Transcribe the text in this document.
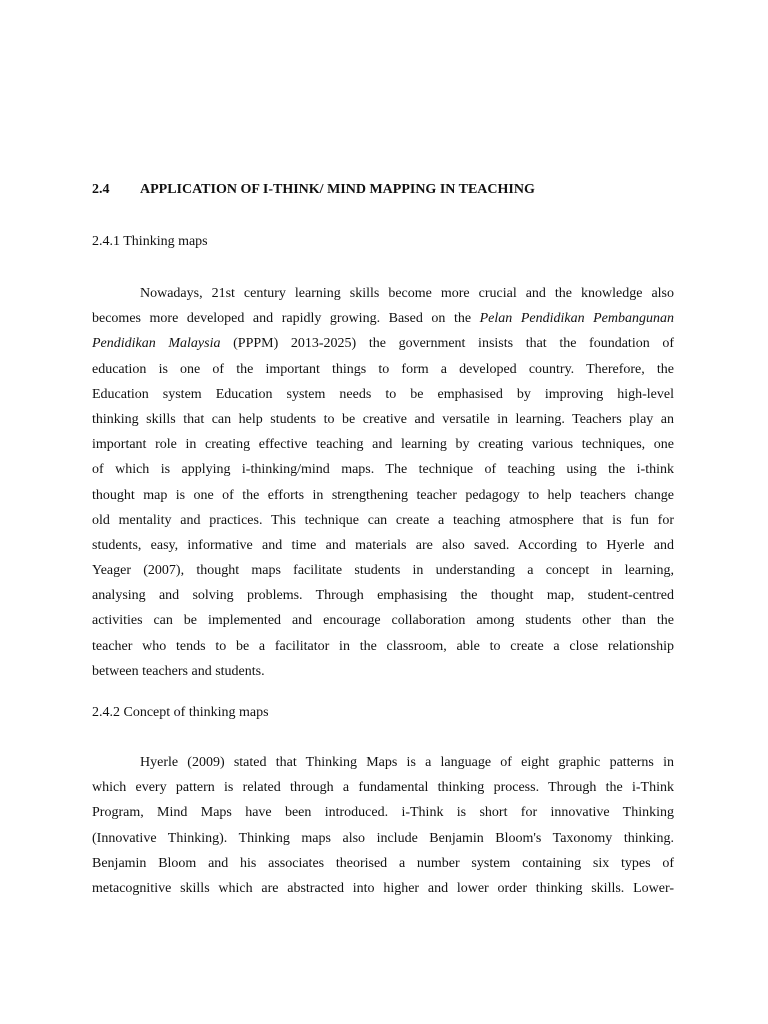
2.4 APPLICATION OF I-THINK/ MIND MAPPING IN TEACHING
2.4.1 Thinking maps
Nowadays, 21st century learning skills become more crucial and the knowledge also
becomes more developed and rapidly growing. Based on the Pelan Pendidikan Pembangunan
Pendidikan Malaysia (PPPM) 2013-2025) the government insists that the foundation of
education is one of the important things to form a developed country. Therefore, the
Education system Education system needs to be emphasised by improving high-level
thinking skills that can help students to be creative and versatile in learning. Teachers play an
important role in creating effective teaching and learning by creating various techniques, one
of which is applying i-thinking/mind maps. The technique of teaching using the i-think
thought map is one of the efforts in strengthening teacher pedagogy to help teachers change
old mentality and practices. This technique can create a teaching atmosphere that is fun for
students, easy, informative and time and materials are also saved. According to Hyerle and
Yeager (2007), thought maps facilitate students in understanding a concept in learning,
analysing and solving problems. Through emphasising the thought map, student-centred
activities can be implemented and encourage collaboration among students other than the
teacher who tends to be a facilitator in the classroom, able to create a close relationship
between teachers and students.
2.4.2 Concept of thinking maps
Hyerle (2009) stated that Thinking Maps is a language of eight graphic patterns in
which every pattern is related through a fundamental thinking process. Through the i-Think
Program, Mind Maps have been introduced. i-Think is short for innovative Thinking
(Innovative Thinking). Thinking maps also include Benjamin Bloom's Taxonomy thinking.
Benjamin Bloom and his associates theorised a number system containing six types of
metacognitive skills which are abstracted into higher and lower order thinking skills. Lower-
